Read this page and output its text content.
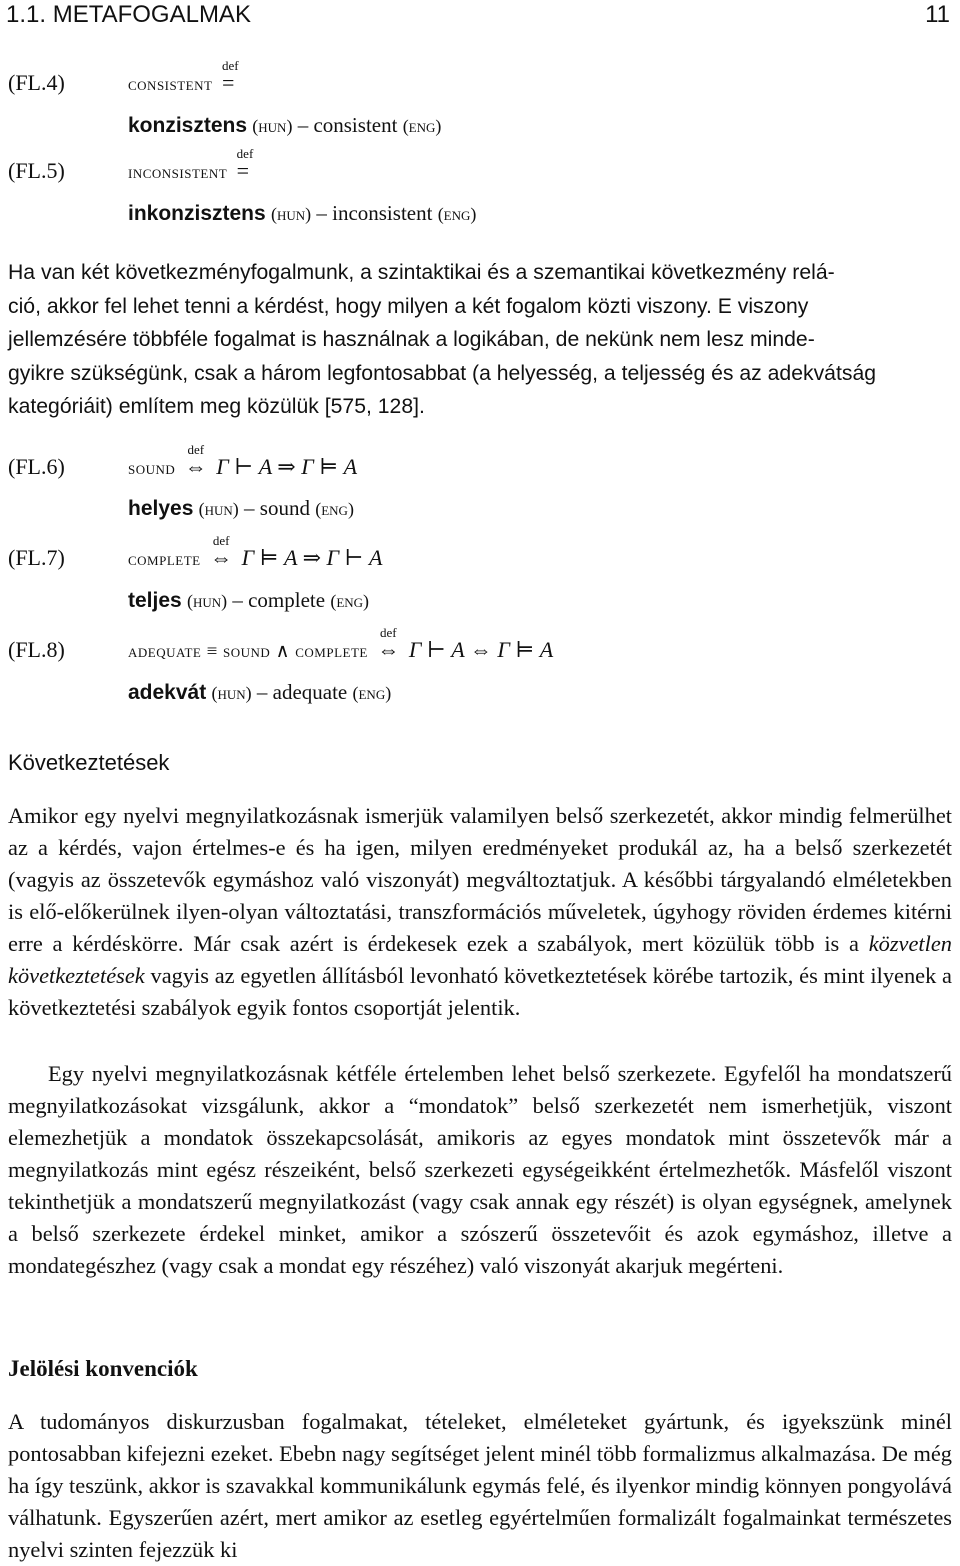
1.1. METAFOGALMAK	11
(FL.4)	consistent
def
=
konzisztens (hun) – consistent (eng)
(FL.5)	inconsistent
def
=
inkonzisztens (hun) – inconsistent (eng)
Ha van két következményfogalmunk, a szintaktikai és a szemantikai következmény relá-
ció, akkor fel lehet tenni a kérdést, hogy milyen a két fogalom közti viszony. E viszony
jellemzésére többféle fogalmat is használnak a logikában, de nekünk nem lesz minde-
gyikre szükségünk, csak a három legfontosabbat (a helyesség, a teljesség és az adekvátság
kategóriáit) említem meg közülük [575, 128].
(FL.6)	sound
def
⇔ Γ ⊢ A ⇒ Γ ⊨ A
helyes (hun) – sound (eng)
(FL.7)	complete
def
⇔ Γ ⊨ A ⇒ Γ ⊢ A
teljes (hun) – complete (eng)
(FL.8)	adequate ≡ sound ∧ complete
def
⇔ Γ ⊢ A ⇔ Γ ⊨ A
adekvát (hun) – adequate (eng)
Következtetések
Amikor egy nyelvi megnyilatkozásnak ismerjük valamilyen belső szerkezetét, akkor mindig felmerülhet az a kérdés, vajon értelmes-e és ha igen, milyen eredményeket produkál az, ha a belső szerkezetét (vagyis az összetevők egymáshoz való viszonyát) megváltoztatjuk. A későbbi tárgyalandó elméletekben is elő-előkerülnek ilyen-olyan változtatási, transzformációs műveletek, úgyhogy röviden érdemes kitérni erre a kérdéskörre. Már csak azért is érdekesek ezek a szabályok, mert közülük több is a közvetlen következtetések vagyis az egyetlen állításból levonható következtetések körébe tartozik, és mint ilyenek a következtetési szabályok egyik fontos csoportját jelentik.
Egy nyelvi megnyilatkozásnak kétféle értelemben lehet belső szerkezete. Egyfelől ha mondatszerű megnyilatkozásokat vizsgálunk, akkor a “mondatok” belső szerkezetét nem ismerhetjük, viszont elemezhetjük a mondatok összekapcsolását, amikoris az egyes mondatok mint összetevők már a megnyilatkozás mint egész részeiként, belső szerkezeti egységeikként értelmezhetők. Másfelől viszont tekinthetjük a mondatszerű megnyilatkozást (vagy csak annak egy részét) is olyan egységnek, amelynek a belső szerkezete érdekel minket, amikor a szószerű összetevőit és azok egymáshoz, illetve a mondategészhez (vagy csak a mondat egy részéhez) való viszonyát akarjuk megérteni.
Jelölési konvenciók
A tudományos diskurzusban fogalmakat, tételeket, elméleteket gyártunk, és igyekszünk minél pontosabban kifejezni ezeket. Ebebn nagy segítséget jelent minél több formalizmus alkalmazása. De még ha így teszünk, akkor is szavakkal kommunikálunk egymás felé, és ilyenkor mindig könnyen pongyolává válhatunk. Egyszerűen azért, mert amikor az esetleg egyértelműen formalizált fogalmainkat természetes nyelvi szinten fejezzük ki
